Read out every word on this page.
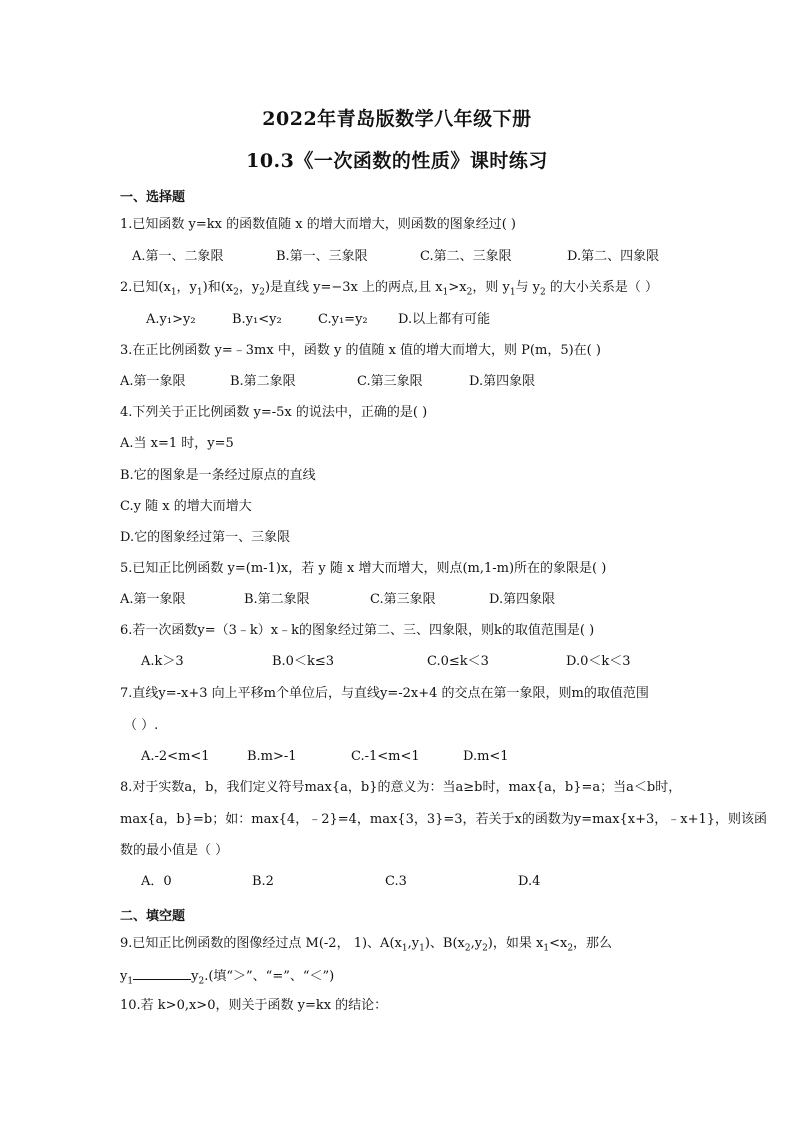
2022年青岛版数学八年级下册
10.3《一次函数的性质》课时练习
一、选择题
1.已知函数 y=kx 的函数值随 x 的增大而增大，则函数的图象经过( )
A.第一、二象限	B.第一、三象限	C.第二、三象限	D.第二、四象限
2.已知($x_1$，$y_1$)和($x_2$，$y_2$)是直线 y=−3x 上的两点,且 $x_1>x_2$，则 $y_1$与 $y_2$ 的大小关系是（ ）
A.y₁>y₂	B.y₁<y₂	C.y₁=y₂ D.以上都有可能
3.在正比例函数 y=﹣3mx 中，函数 y 的值随 x 值的增大而增大，则 P(m，5)在( )
A.第一象限	B.第二象限	C.第三象限	D.第四象限
4.下列关于正比例函数 y=-5x 的说法中，正确的是( )
A.当 x=1 时，y=5
B.它的图象是一条经过原点的直线
C.y 随 x 的增大而增大
D.它的图象经过第一、三象限
5.已知正比例函数 y=(m-1)x，若 y 随 x 增大而增大，则点(m,1-m)所在的象限是( )
A.第一象限	B.第二象限	C.第三象限	D.第四象限
6.若一次函数y=（3﹣k）x﹣k的图象经过第二、三、四象限，则k的取值范围是( )
A.k＞3	B.0＜k≤3	C.0≤k＜3	D.0＜k＜3
7.直线y=-x+3 向上平移m个单位后，与直线y=-2x+4 的交点在第一象限，则m的取值范围
（ ）.
A.-2<m<1	B.m>-1	C.-1<m<1	D.m<1
8.对于实数a，b，我们定义符号max{a，b}的意义为：当a≥b时，max{a，b}=a；当a＜b时，
max{a，b}=b；如：max{4，﹣2}=4，max{3，3}=3，若关于x的函数为y=max{x+3，﹣x+1}，则该函
数的最小值是（ ）
A．0	B.2	C.3	D.4
二、填空题
9.已知正比例函数的图像经过点 M(-2， 1)、$A(x_1,y_1)$、$B(x_2,y_2)$，如果 $x_1<x_2$，那么
$y_1$	$y_2$.(填“＞”、“=”、“＜”)
10.若 k>0,x>0，则关于函数 y=kx 的结论：
